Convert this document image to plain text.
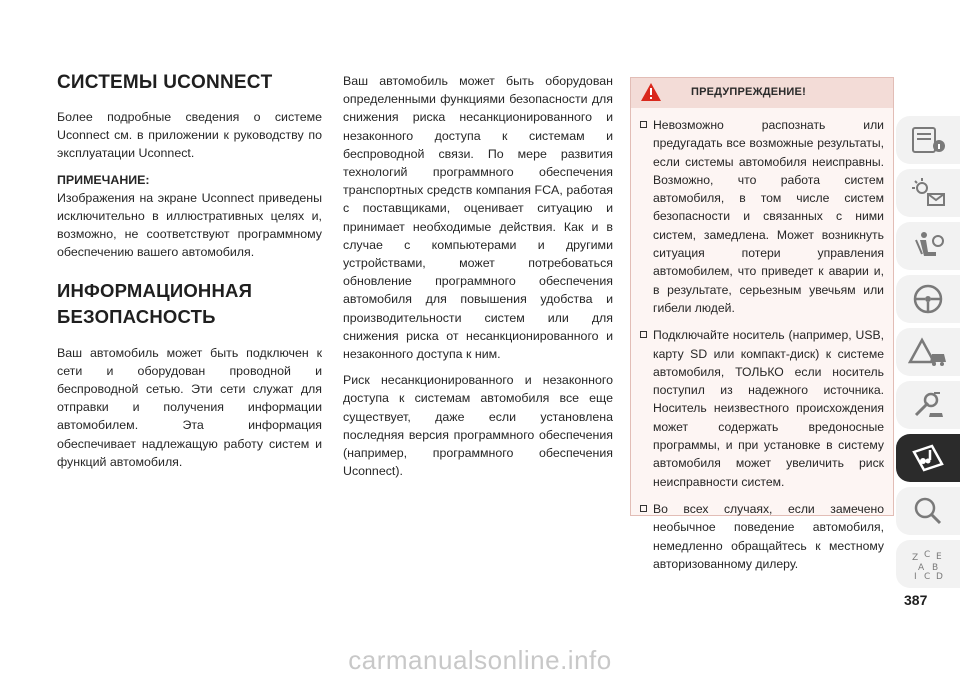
СИСТЕМЫ UCONNECT

Более подробные сведения о системе Uconnect см. в приложении к руководству по эксплуатации Uconnect.

ПРИМЕЧАНИЕ:

Изображения на экране Uconnect приведены исключительно в иллюстративных целях и, возможно, не соответствуют программному обеспечению вашего автомобиля.

ИНФОРМАЦИОННАЯ БЕЗОПАСНОСТЬ

Ваш автомобиль может быть подключен к сети и оборудован проводной и беспроводной сетью. Эти сети служат для отправки и получения информации автомобилем. Эта информация обеспечивает надлежащую работу систем и функций автомобиля.

Ваш автомобиль может быть оборудован определенными функциями безопасности для снижения риска несанкционированного и незаконного доступа к системам и беспроводной связи. По мере развития технологий программного обеспечения транспортных средств компания FCA, работая с поставщиками, оценивает ситуацию и принимает необходимые действия. Как и в случае с компьютерами и другими устройствами, может потребоваться обновление программного обеспечения автомобиля для повышения удобства и производительности систем или для снижения риска от несанкционированного и незаконного доступа к ним.

Риск несанкционированного и незаконного доступа к системам автомобиля все еще существует, даже если установлена последняя версия программного обеспечения (например, программного обеспечения Uconnect).

ПРЕДУПРЕЖДЕНИЕ!
Невозможно распознать или предугадать все возможные результаты, если системы автомобиля неисправны. Возможно, что работа систем автомобиля, в том числе систем безопасности и связанных с ними систем, замедлена. Может возникнуть ситуация потери управления автомобилем, что приведет к аварии и, в результате, серьезным увечьям или гибели людей.
Подключайте носитель (например, USB, карту SD или компакт-диск) к системе автомобиля, ТОЛЬКО если носитель поступил из надежного источника. Носитель неизвестного происхождения может содержать вредоносные программы, и при установке в систему автомобиля может увеличить риск неисправности систем.
Во всех случаях, если замечено необычное поведение автомобиля, немедленно обращайтесь к местному авторизованному дилеру.	Z C E
A B
I C D
387
carmanualsonline.info
